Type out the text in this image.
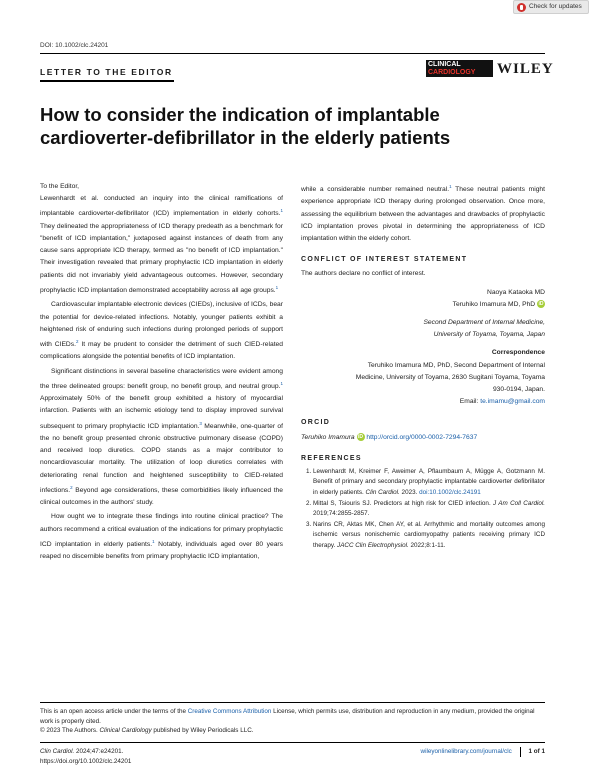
Check for updates
DOI: 10.1002/clc.24201
LETTER TO THE EDITOR
CLINICAL
CARDIOLOGY	WILEY
How to consider the indication of implantable cardioverter-defibrillator in the elderly patients

To the Editor,

Lewenhardt et al. conducted an inquiry into the clinical ramifications of implantable cardioverter-defibrillator (ICD) implementation in elderly cohorts.$^1$ They delineated the appropriateness of ICD therapy predeath as a benchmark for "benefit of ICD implantation," juxtaposed against instances of death from any cause sans appropriate ICD therapy, termed as "no benefit of ICD implantation." Their investigation revealed that primary prophylactic ICD implantation in elderly patients did not invariably yield advantageous outcomes. However, secondary prophylactic ICD implantation demonstrated acceptability across all age groups.$^1$

Cardiovascular implantable electronic devices (CIEDs), inclusive of ICDs, bear the potential for device-related infections. Notably, younger patients exhibit a heightened risk of enduring such infections during prolonged periods of support with CIEDs.$^2$ It may be prudent to consider the detriment of such CIED-related complications alongside the potential benefits of ICD implantation.

Significant distinctions in several baseline characteristics were evident among the three delineated groups: benefit group, no benefit group, and neutral group.$^1$ Approximately 50% of the benefit group exhibited a history of myocardial infarction. Patients with an ischemic etiology tend to display improved survival subsequent to primary prophylactic ICD implantation.$^3$ Meanwhile, one-quarter of the no benefit group presented chronic obstructive pulmonary disease (COPD) and received loop diuretics. COPD stands as a major contributor to noncardiovascular mortality. The utilization of loop diuretics correlates with deteriorating renal function and heightened susceptibility to CIED-related infections.$^2$ Beyond age considerations, these comorbidities likely influenced the clinical outcomes in the authors' study.

How ought we to integrate these findings into routine clinical practice? The authors recommend a critical evaluation of the indications for primary prophylactic ICD implantation in elderly patients.$^1$ Notably, individuals aged over 80 years reaped no discernible benefits from primary prophylactic ICD implantation,

while a considerable number remained neutral.$^1$ These neutral patients might experience appropriate ICD therapy during prolonged observation. Once more, assessing the equilibrium between the advantages and drawbacks of prophylactic ICD implantation proves pivotal in determining the appropriateness of ICD implantation within the elderly cohort.

CONFLICT OF INTEREST STATEMENT

The authors declare no conflict of interest.

Naoya Kataoka MD

Teruhiko Imamura MD, PhD iD

Second Department of Internal Medicine,

University of Toyama, Toyama, Japan

Correspondence

Teruhiko Imamura MD, PhD, Second Department of Internal

Medicine, University of Toyama, 2630 Sugitani Toyama, Toyama

930-0194, Japan.

Email: te.imamu@gmail.com

ORCID

Teruhiko Imamura iD http://orcid.org/0000-0002-7294-7637

REFERENCES
1. Lewenhardt M, Kreimer F, Aweimer A, Pflaumbaum A, Mügge A, Gotzmann M. Benefit of primary and secondary prophylactic implantable cardioverter defibrillator in elderly patients. Clin Cardiol. 2023. doi:10.1002/clc.24191
2. Mittal S, Tsiouris SJ. Predictors at high risk for CIED infection. J Am Coll Cardiol. 2019;74:2855-2857.
3. Narins CR, Aktas MK, Chen AY, et al. Arrhythmic and mortality outcomes among ischemic versus nonischemic cardiomyopathy patients receiving primary ICD therapy. JACC Clin Electrophysiol. 2022;8:1-11.
This is an open access article under the terms of the Creative Commons Attribution License, which permits use, distribution and reproduction in any medium, provided the original work is properly cited.
© 2023 The Authors. Clinical Cardiology published by Wiley Periodicals LLC.
Clin Cardiol. 2024;47:e24201.
https://doi.org/10.1002/clc.24201
wileyonlinelibrary.com/journal/clc	1 of 1
